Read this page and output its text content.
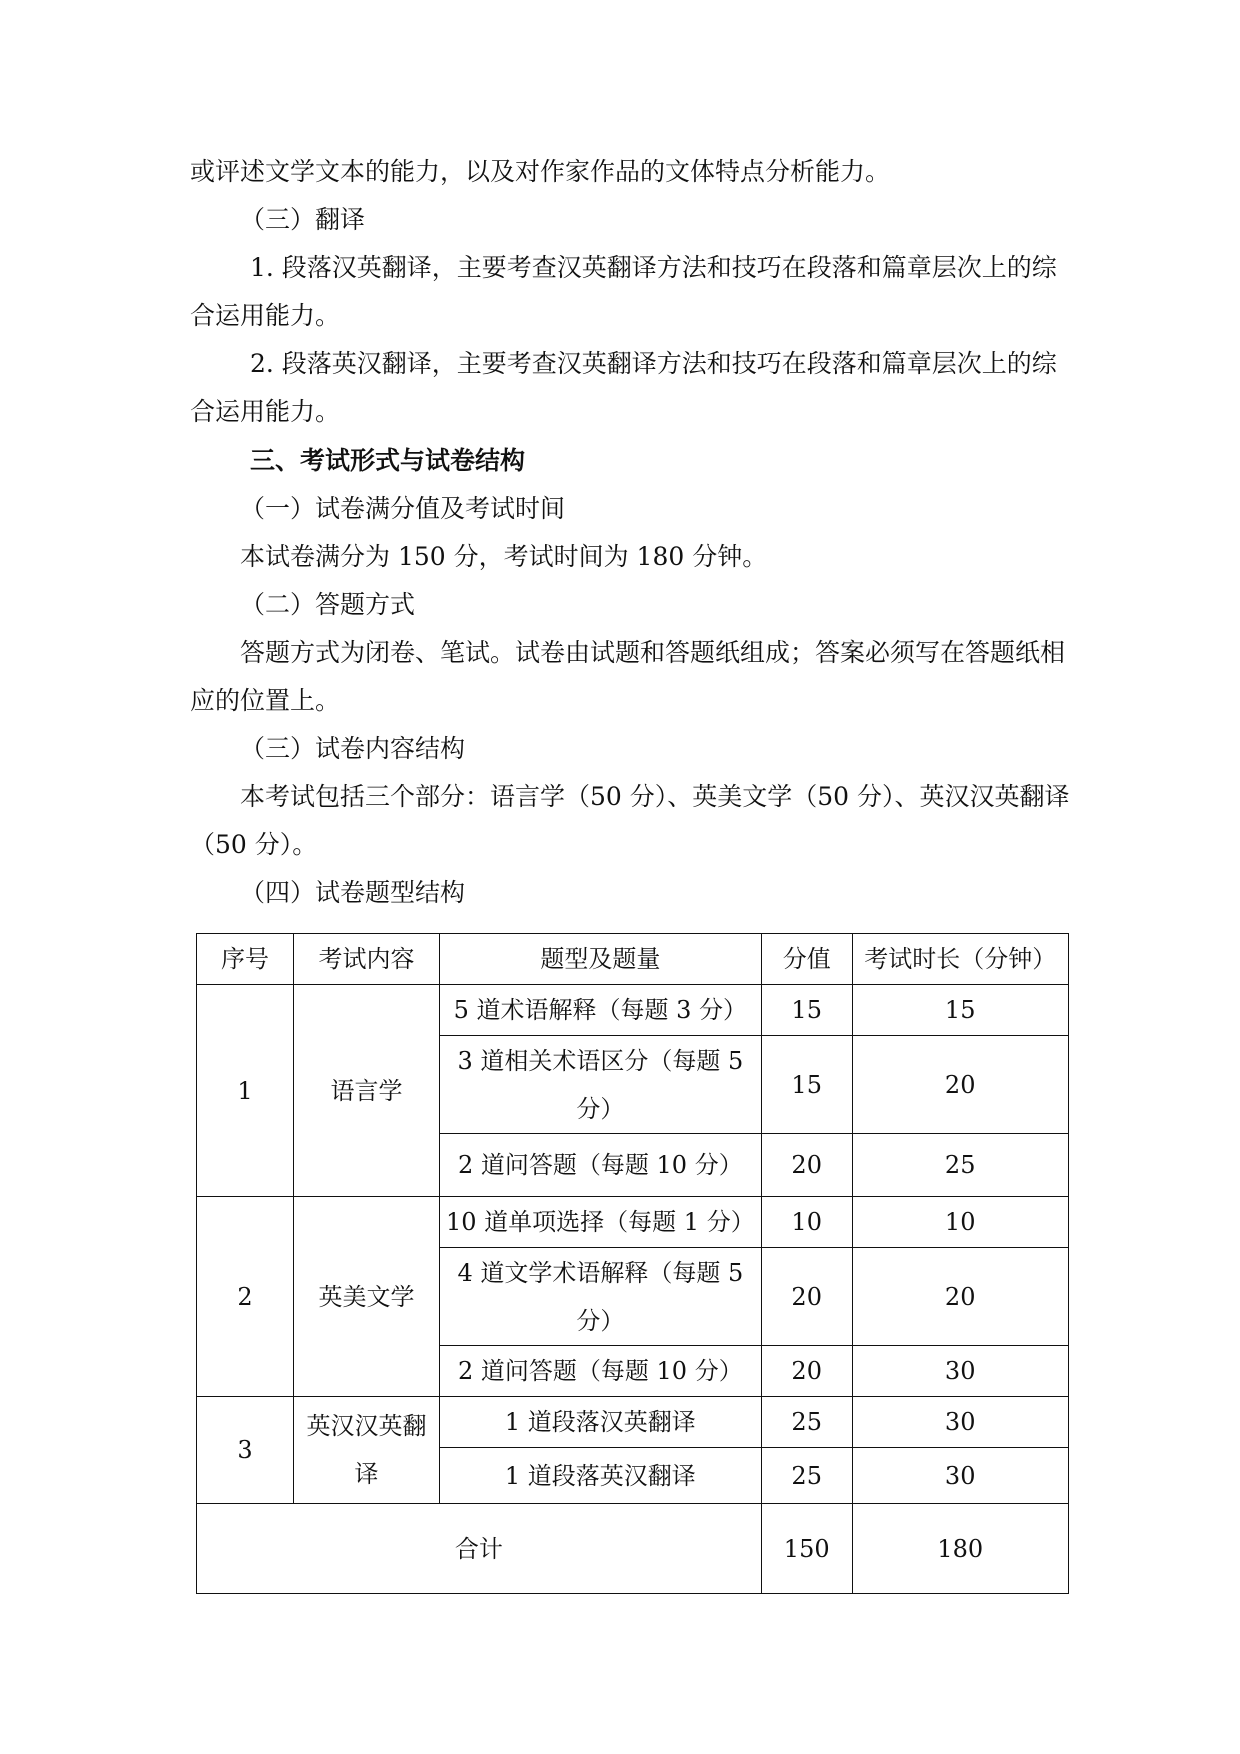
或评述文学文本的能力，以及对作家作品的文体特点分析能力。
（三）翻译
1. 段落汉英翻译，主要考查汉英翻译方法和技巧在段落和篇章层次上的综
合运用能力。
2. 段落英汉翻译，主要考查汉英翻译方法和技巧在段落和篇章层次上的综
合运用能力。
三、考试形式与试卷结构
（一）试卷满分值及考试时间
本试卷满分为 150 分，考试时间为 180 分钟。
（二）答题方式
答题方式为闭卷、笔试。试卷由试题和答题纸组成；答案必须写在答题纸相
应的位置上。
（三）试卷内容结构
本考试包括三个部分：语言学（50 分）、英美文学（50 分）、英汉汉英翻译
（50 分）。
（四）试卷题型结构
序号	考试内容	题型及题量	分值	考试时长（分钟）
1	语言学	5 道术语解释（每题 3 分）	15	15
		3 道相关术语区分（每题 5 分）	15	20
		2 道问答题（每题 10 分）	20	25
2	英美文学	10 道单项选择（每题 1 分）	10	10
		4 道文学术语解释（每题 5 分）	20	20
		2 道问答题（每题 10 分）	20	30
3	英汉汉英翻译	1 道段落汉英翻译	25	30
		1 道段落英汉翻译	25	30
合计			150	180
